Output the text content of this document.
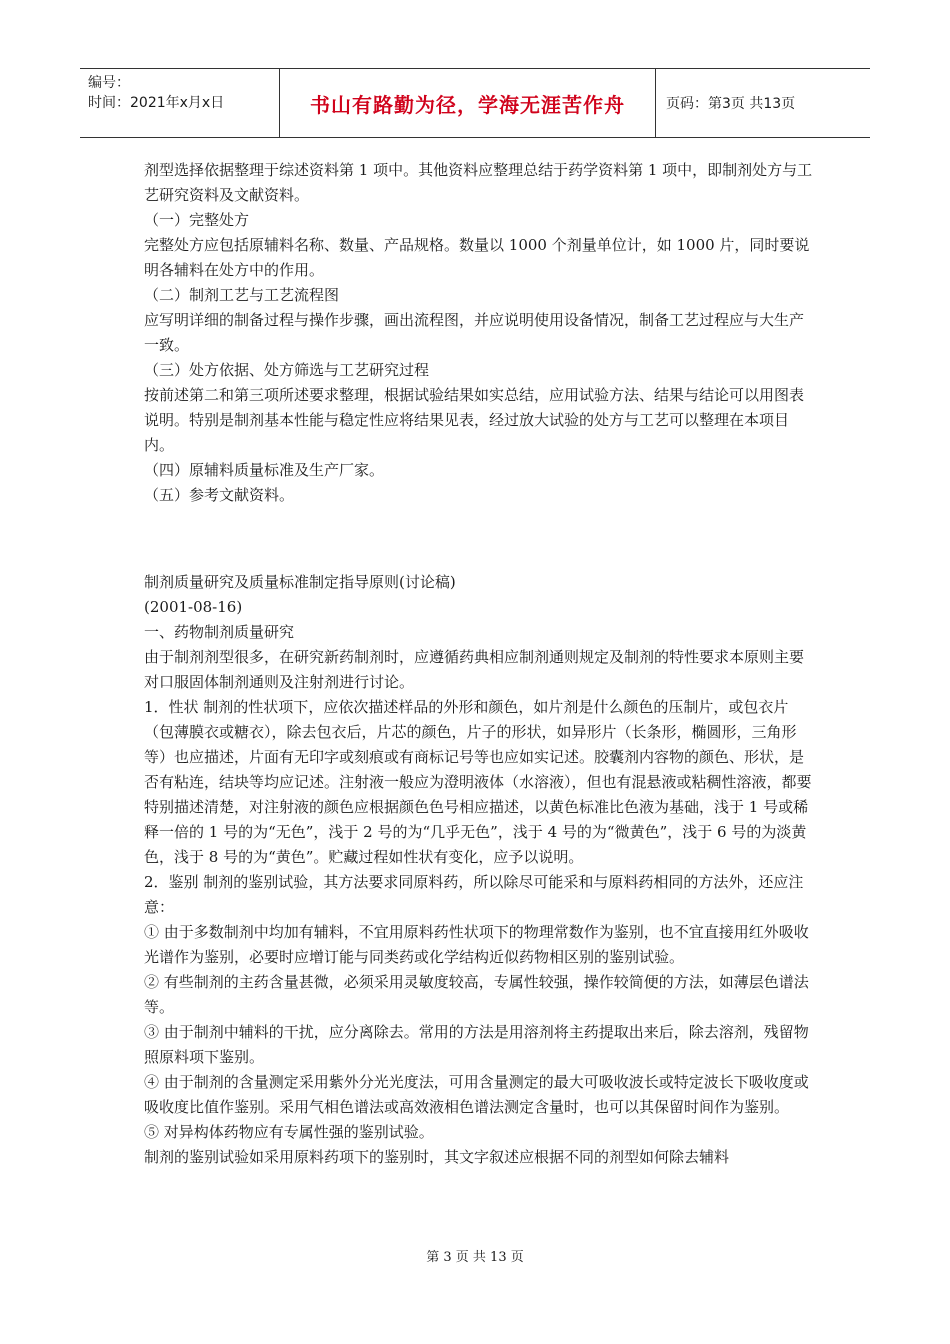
编号：
时间：2021年x月x日	书山有路勤为径，学海无涯苦作舟	页码：第3页 共13页

剂型选择依据整理于综述资料第 1 项中。其他资料应整理总结于药学资料第 1 项中，即制剂处方与工艺研究资料及文献资料。

（一）完整处方

完整处方应包括原辅料名称、数量、产品规格。数量以 1000 个剂量单位计，如 1000 片，同时要说明各辅料在处方中的作用。

（二）制剂工艺与工艺流程图

应写明详细的制备过程与操作步骤，画出流程图，并应说明使用设备情况，制备工艺过程应与大生产一致。

（三）处方依据、处方筛选与工艺研究过程

按前述第二和第三项所述要求整理，根据试验结果如实总结，应用试验方法、结果与结论可以用图表说明。特别是制剂基本性能与稳定性应将结果见表，经过放大试验的处方与工艺可以整理在本项目内。

（四）原辅料质量标准及生产厂家。

（五）参考文献资料。

制剂质量研究及质量标准制定指导原则(讨论稿)

(2001-08-16)

一、药物制剂质量研究

由于制剂剂型很多，在研究新药制剂时，应遵循药典相应制剂通则规定及制剂的特性要求本原则主要对口服固体制剂通则及注射剂进行讨论。

1．性状 制剂的性状项下，应依次描述样品的外形和颜色，如片剂是什么颜色的压制片，或包衣片（包薄膜衣或糖衣），除去包衣后，片芯的颜色，片子的形状，如异形片（长条形，椭圆形，三角形等）也应描述，片面有无印字或刻痕或有商标记号等也应如实记述。胶囊剂内容物的颜色、形状，是否有粘连，结块等均应记述。注射液一般应为澄明液体（水溶液），但也有混悬液或粘稠性溶液，都要特别描述清楚，对注射液的颜色应根据颜色色号相应描述，以黄色标准比色液为基础，浅于 1 号或稀释一倍的 1 号的为“无色”，浅于 2 号的为“几乎无色”，浅于 4 号的为“微黄色”，浅于 6 号的为淡黄色，浅于 8 号的为“黄色”。贮藏过程如性状有变化，应予以说明。

2．鉴别 制剂的鉴别试验，其方法要求同原料药，所以除尽可能采和与原料药相同的方法外，还应注意：

① 由于多数制剂中均加有辅料，不宜用原料药性状项下的物理常数作为鉴别，也不宜直接用红外吸收光谱作为鉴别，必要时应增订能与同类药或化学结构近似药物相区别的鉴别试验。

② 有些制剂的主药含量甚微，必须采用灵敏度较高，专属性较强，操作较简便的方法，如薄层色谱法等。

③ 由于制剂中辅料的干扰，应分离除去。常用的方法是用溶剂将主药提取出来后，除去溶剂，残留物照原料项下鉴别。

④ 由于制剂的含量测定采用紫外分光光度法，可用含量测定的最大可吸收波长或特定波长下吸收度或吸收度比值作鉴别。采用气相色谱法或高效液相色谱法测定含量时，也可以其保留时间作为鉴别。

⑤ 对异构体药物应有专属性强的鉴别试验。

制剂的鉴别试验如采用原料药项下的鉴别时，其文字叙述应根据不同的剂型如何除去辅料

第 3 页 共 13 页
